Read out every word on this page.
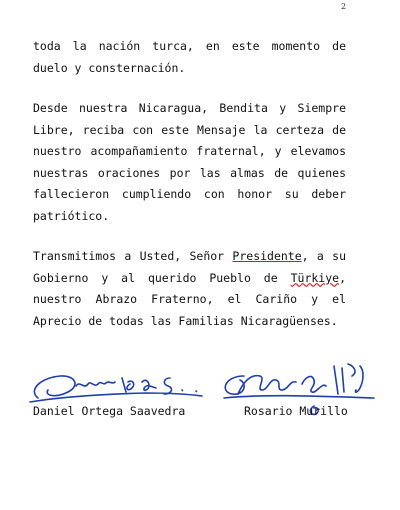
2

toda la nación turca, en este momento de duelo y consternación.

Desde nuestra Nicaragua, Bendita y Siempre Libre, reciba con este Mensaje la certeza de nuestro acompañamiento fraternal, y elevamos nuestras oraciones por las almas de quienes fallecieron cumpliendo con honor su deber patriótico.

Transmitimos a Usted, Señor Presidente, a su Gobierno y al querido Pueblo de Türkiye, nuestro Abrazo Fraterno, el Cariño y el Aprecio de todas las Familias Nicaragüenses.

Daniel Ortega Saavedra	Rosario Murillo
